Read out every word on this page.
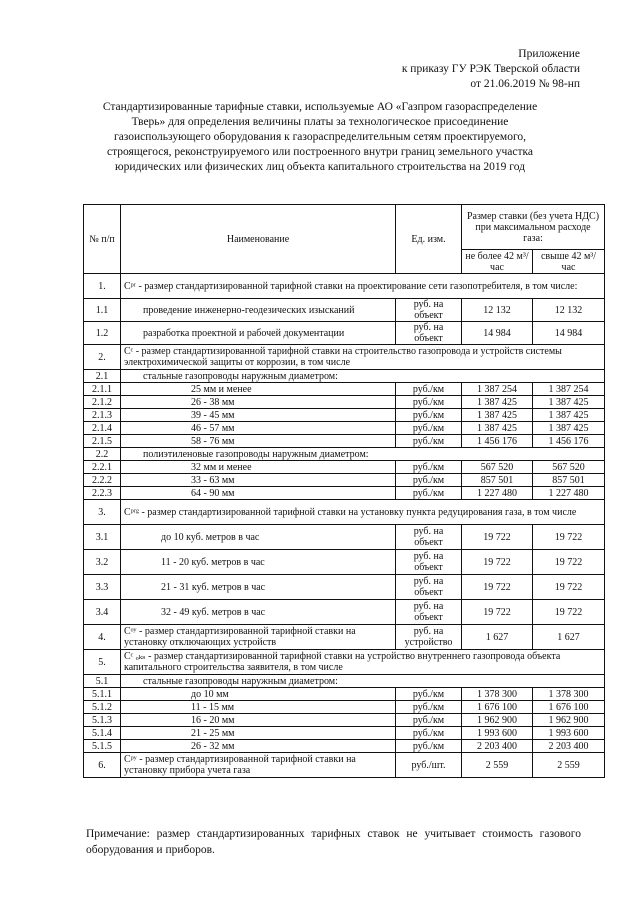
Приложение
к приказу ГУ РЭК Тверской области
от 21.06.2019 № 98-нп
Стандартизированные тарифные ставки, используемые АО «Газпром газораспределение Тверь» для определения величины платы за технологическое присоединение газоиспользующего оборудования к газораспределительным сетям проектируемого, строящегося, реконструируемого или построенного внутри границ земельного участка юридических или физических лиц объекта капитального строительства на 2019 год
№ п/п	Наименование	Ед. изм.	Размер ставки (без учета НДС) при максимальном расходе газа:	
			не более 42 м³/час	свыше 42 м³/час
1.	Cᵖʳ - размер стандартизированной тарифной ставки на проектирование сети газопотребителя, в том числе:			
1.1	проведение инженерно-геодезических изысканий	руб. на объект	12 132	12 132
1.2	разработка проектной и рабочей документации	руб. на объект	14 984	14 984
2.	Cᶜ - размер стандартизированной тарифной ставки на строительство газопровода и устройств системы электрохимической защиты от коррозии, в том числе			
2.1	стальные газопроводы наружным диаметром:			
2.1.1	25 мм и менее	руб./км	1 387 254	1 387 254
2.1.2	26 - 38 мм	руб./км	1 387 425	1 387 425
2.1.3	39 - 45 мм	руб./км	1 387 425	1 387 425
2.1.4	46 - 57 мм	руб./км	1 387 425	1 387 425
2.1.5	58 - 76 мм	руб./км	1 456 176	1 456 176
2.2	полиэтиленовые газопроводы наружным диаметром:			
2.2.1	32 мм и менее	руб./км	567 520	567 520
2.2.2	33 - 63 мм	руб./км	857 501	857 501
2.2.3	64 - 90 мм	руб./км	1 227 480	1 227 480
3.	Cᵖʳᵍ - размер стандартизированной тарифной ставки на установку пункта редуцирования газа, в том числе			
3.1	до 10 куб. метров в час	руб. на объект	19 722	19 722
3.2	11 - 20 куб. метров в час	руб. на объект	19 722	19 722
3.3	21 - 31 куб. метров в час	руб. на объект	19 722	19 722
3.4	32 - 49 куб. метров в час	руб. на объект	19 722	19 722
4.	Cᵒʸ - размер стандартизированной тарифной ставки на установку отключающих устройств	руб. на устройство	1 627	1 627
5.	Cᶜ ₒₖₛ - размер стандартизированной тарифной ставки на устройство внутреннего газопровода объекта капитального строительства заявителя, в том числе			
5.1	стальные газопроводы наружным диаметром:			
5.1.1	до 10 мм	руб./км	1 378 300	1 378 300
5.1.2	11 - 15 мм	руб./км	1 676 100	1 676 100
5.1.3	16 - 20 мм	руб./км	1 962 900	1 962 900
5.1.4	21 - 25 мм	руб./км	1 993 600	1 993 600
5.1.5	26 - 32 мм	руб./км	2 203 400	2 203 400
6.	Cᵖʸ - размер стандартизированной тарифной ставки на установку прибора учета газа	руб./шт.	2 559	2 559
Примечание: размер стандартизированных тарифных ставок не учитывает стоимость газового оборудования и приборов.
